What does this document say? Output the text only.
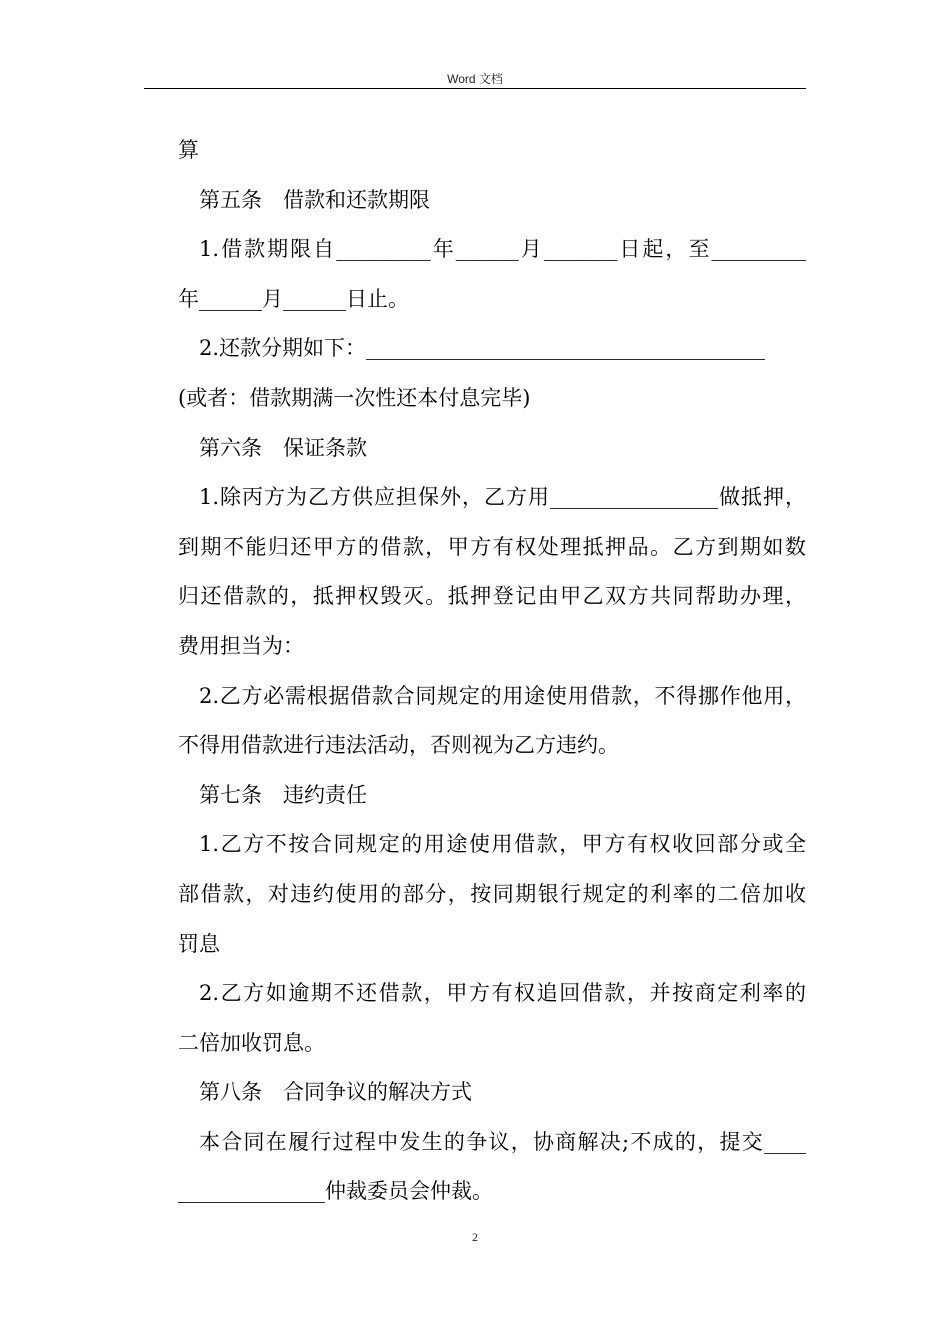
Word 文档
算
第五条　借款和还款期限
1.借款期限自_________年______月_______日起，至_________
年______月______日止。
2.还款分期如下：______________________________________
(或者：借款期满一次性还本付息完毕)
第六条　保证条款
1.除丙方为乙方供应担保外，乙方用________________做抵押，
到期不能归还甲方的借款，甲方有权处理抵押品。乙方到期如数
归还借款的，抵押权毁灭。抵押登记由甲乙双方共同帮助办理，
费用担当为：
2.乙方必需根据借款合同规定的用途使用借款，不得挪作他用，
不得用借款进行违法活动，否则视为乙方违约。
第七条　违约责任
1.乙方不按合同规定的用途使用借款，甲方有权收回部分或全
部借款，对违约使用的部分，按同期银行规定的利率的二倍加收
罚息
2.乙方如逾期不还借款，甲方有权追回借款，并按商定利率的
二倍加收罚息。
第八条　合同争议的解决方式
本合同在履行过程中发生的争议，协商解决;不成的，提交____
______________仲裁委员会仲裁。
2
